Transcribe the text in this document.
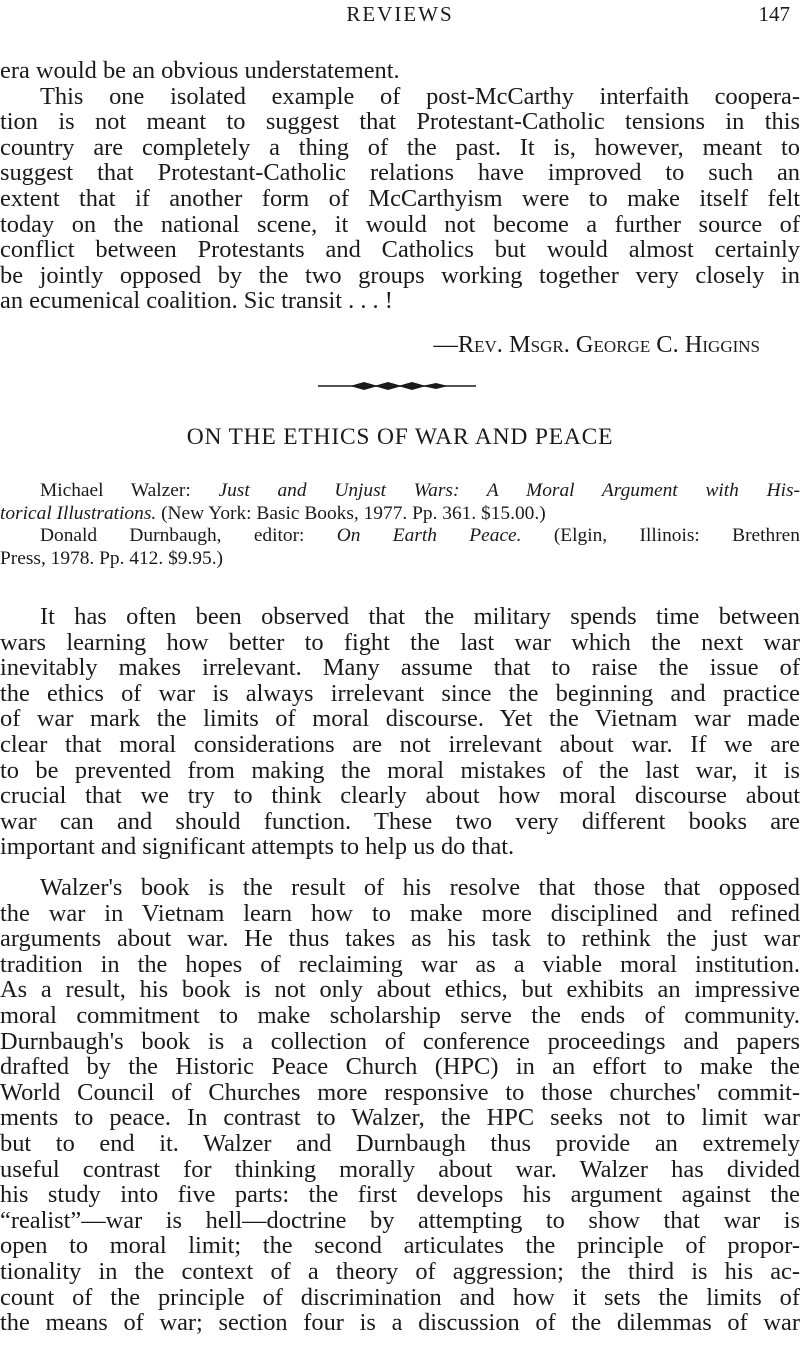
REVIEWS	147
era would be an obvious understatement.
This one isolated example of post-McCarthy interfaith coopera-
tion is not meant to suggest that Protestant-Catholic tensions in this
country are completely a thing of the past. It is, however, meant to
suggest that Protestant-Catholic relations have improved to such an
extent that if another form of McCarthyism were to make itself felt
today on the national scene, it would not become a further source of
conflict between Protestants and Catholics but would almost certainly
be jointly opposed by the two groups working together very closely in
an ecumenical coalition. Sic transit . . . !
—Rev. Msgr. George C. Higgins
ON THE ETHICS OF WAR AND PEACE
Michael Walzer: Just and Unjust Wars: A Moral Argument with His-
torical Illustrations. (New York: Basic Books, 1977. Pp. 361. $15.00.)
Donald Durnbaugh, editor: On Earth Peace. (Elgin, Illinois: Brethren
Press, 1978. Pp. 412. $9.95.)
It has often been observed that the military spends time between
wars learning how better to fight the last war which the next war
inevitably makes irrelevant. Many assume that to raise the issue of
the ethics of war is always irrelevant since the beginning and practice
of war mark the limits of moral discourse. Yet the Vietnam war made
clear that moral considerations are not irrelevant about war. If we are
to be prevented from making the moral mistakes of the last war, it is
crucial that we try to think clearly about how moral discourse about
war can and should function. These two very different books are
important and significant attempts to help us do that.
Walzer's book is the result of his resolve that those that opposed
the war in Vietnam learn how to make more disciplined and refined
arguments about war. He thus takes as his task to rethink the just war
tradition in the hopes of reclaiming war as a viable moral institution.
As a result, his book is not only about ethics, but exhibits an impressive
moral commitment to make scholarship serve the ends of community.
Durnbaugh's book is a collection of conference proceedings and papers
drafted by the Historic Peace Church (HPC) in an effort to make the
World Council of Churches more responsive to those churches' commit-
ments to peace. In contrast to Walzer, the HPC seeks not to limit war
but to end it. Walzer and Durnbaugh thus provide an extremely
useful contrast for thinking morally about war. Walzer has divided
his study into five parts: the first develops his argument against the
“realist”—war is hell—doctrine by attempting to show that war is
open to moral limit; the second articulates the principle of propor-
tionality in the context of a theory of aggression; the third is his ac-
count of the principle of discrimination and how it sets the limits of
the means of war; section four is a discussion of the dilemmas of war
